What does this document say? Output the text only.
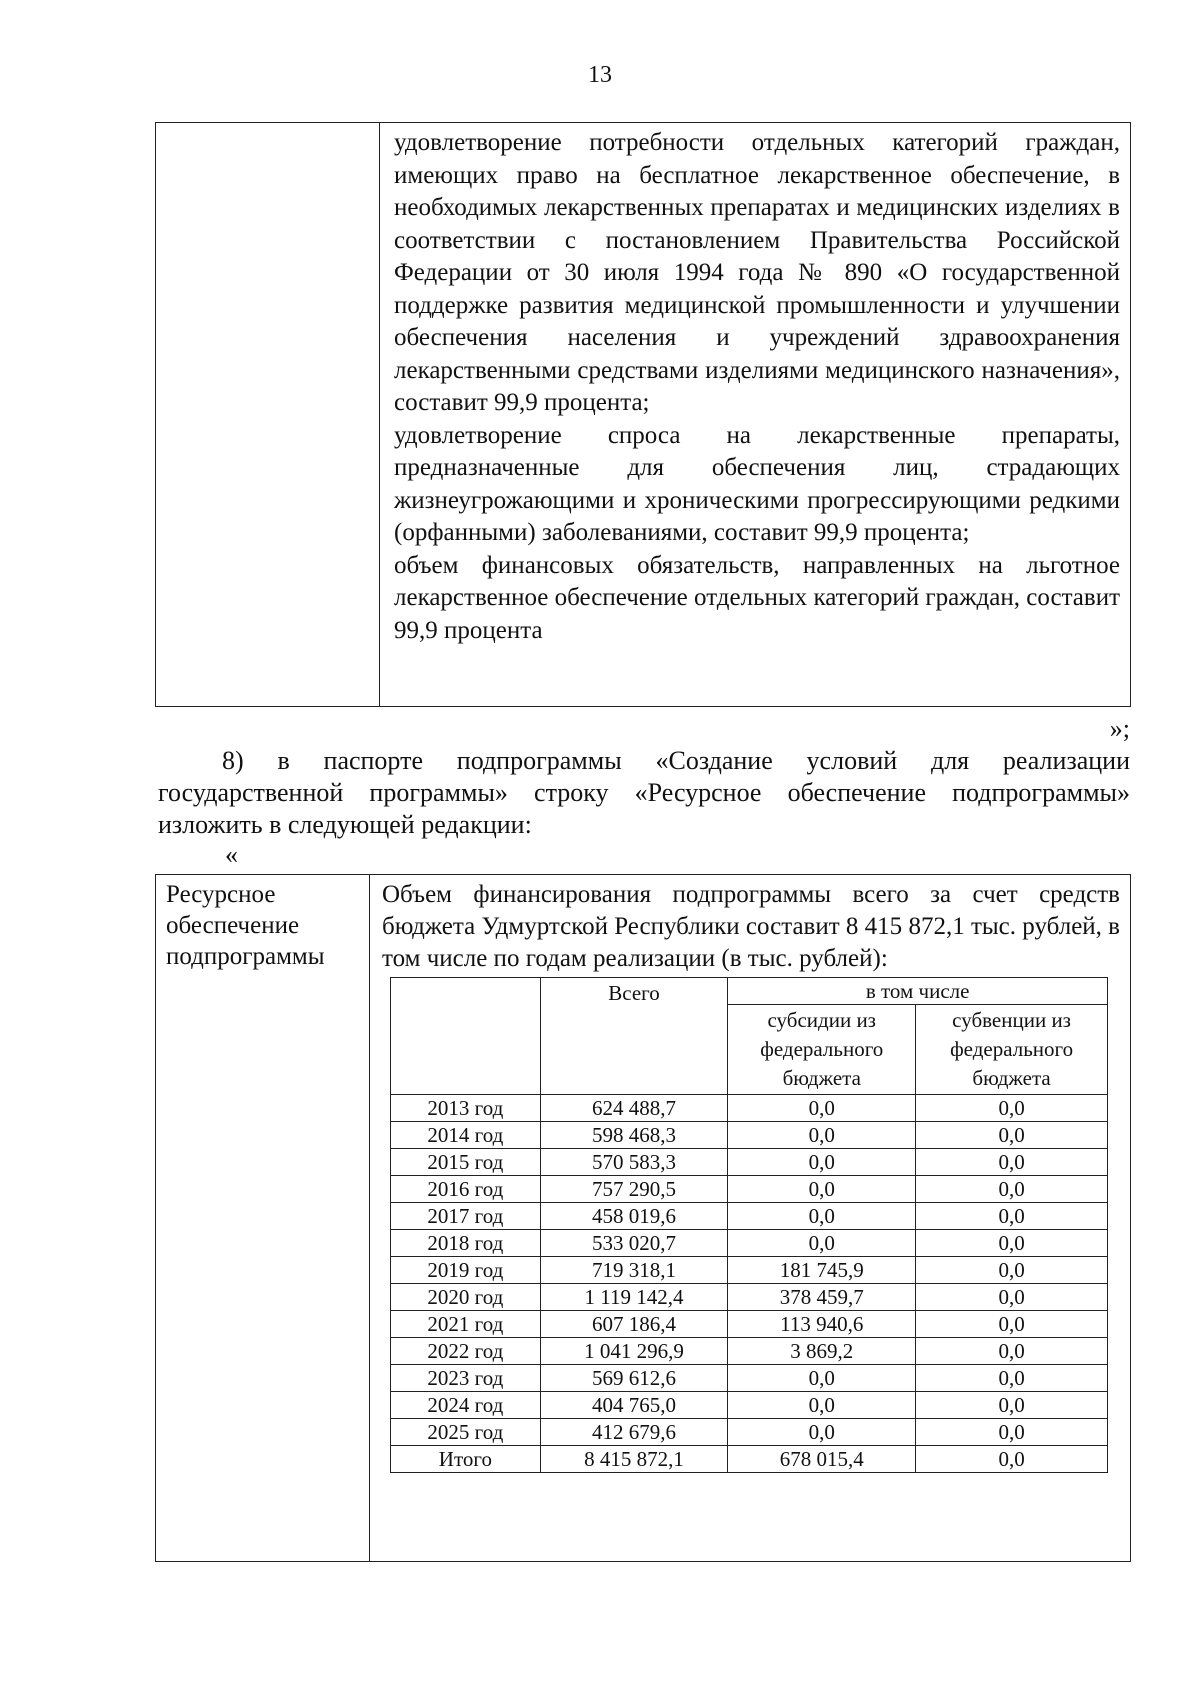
13

удовлетворение потребности отдельных категорий граждан, имеющих право на бесплатное лекарственное обеспечение, в необходимых лекарственных препаратах и медицинских изделиях в соответствии с постановлением Правительства Российской Федерации от 30 июля 1994 года № 890 «О государственной поддержке развития медицинской промышленности и улучшении обеспечения населения и учреждений здравоохранения лекарственными средствами изделиями медицинского назначения», составит 99,9 процента;

удовлетворение спроса на лекарственные препараты, предназначенные для обеспечения лиц, страдающих жизнеугрожающими и хроническими прогрессирующими редкими (орфанными) заболеваниями, составит 99,9 процента;

объем финансовых обязательств, направленных на льготное лекарственное обеспечение отдельных категорий граждан, составит 99,9 процента

»;
8) в паспорте подпрограммы «Создание условий для реализации государственной программы» строку «Ресурсное обеспечение подпрограммы» изложить в следующей редакции:
«
Ресурсное обеспечение подпрограммы

Объем финансирования подпрограммы всего за счет средств бюджета Удмуртской Республики составит 8 415 872,1 тыс. рублей, в том числе по годам реализации (в тыс. рублей):

	Всего	в том числе	
		субсидии из федерального бюджета	субвенции из федерального бюджета
2013 год	624 488,7	0,0	0,0
2014 год	598 468,3	0,0	0,0
2015 год	570 583,3	0,0	0,0
2016 год	757 290,5	0,0	0,0
2017 год	458 019,6	0,0	0,0
2018 год	533 020,7	0,0	0,0
2019 год	719 318,1	181 745,9	0,0
2020 год	1 119 142,4	378 459,7	0,0
2021 год	607 186,4	113 940,6	0,0
2022 год	1 041 296,9	3 869,2	0,0
2023 год	569 612,6	0,0	0,0
2024 год	404 765,0	0,0	0,0
2025 год	412 679,6	0,0	0,0
Итого	8 415 872,1	678 015,4	0,0
